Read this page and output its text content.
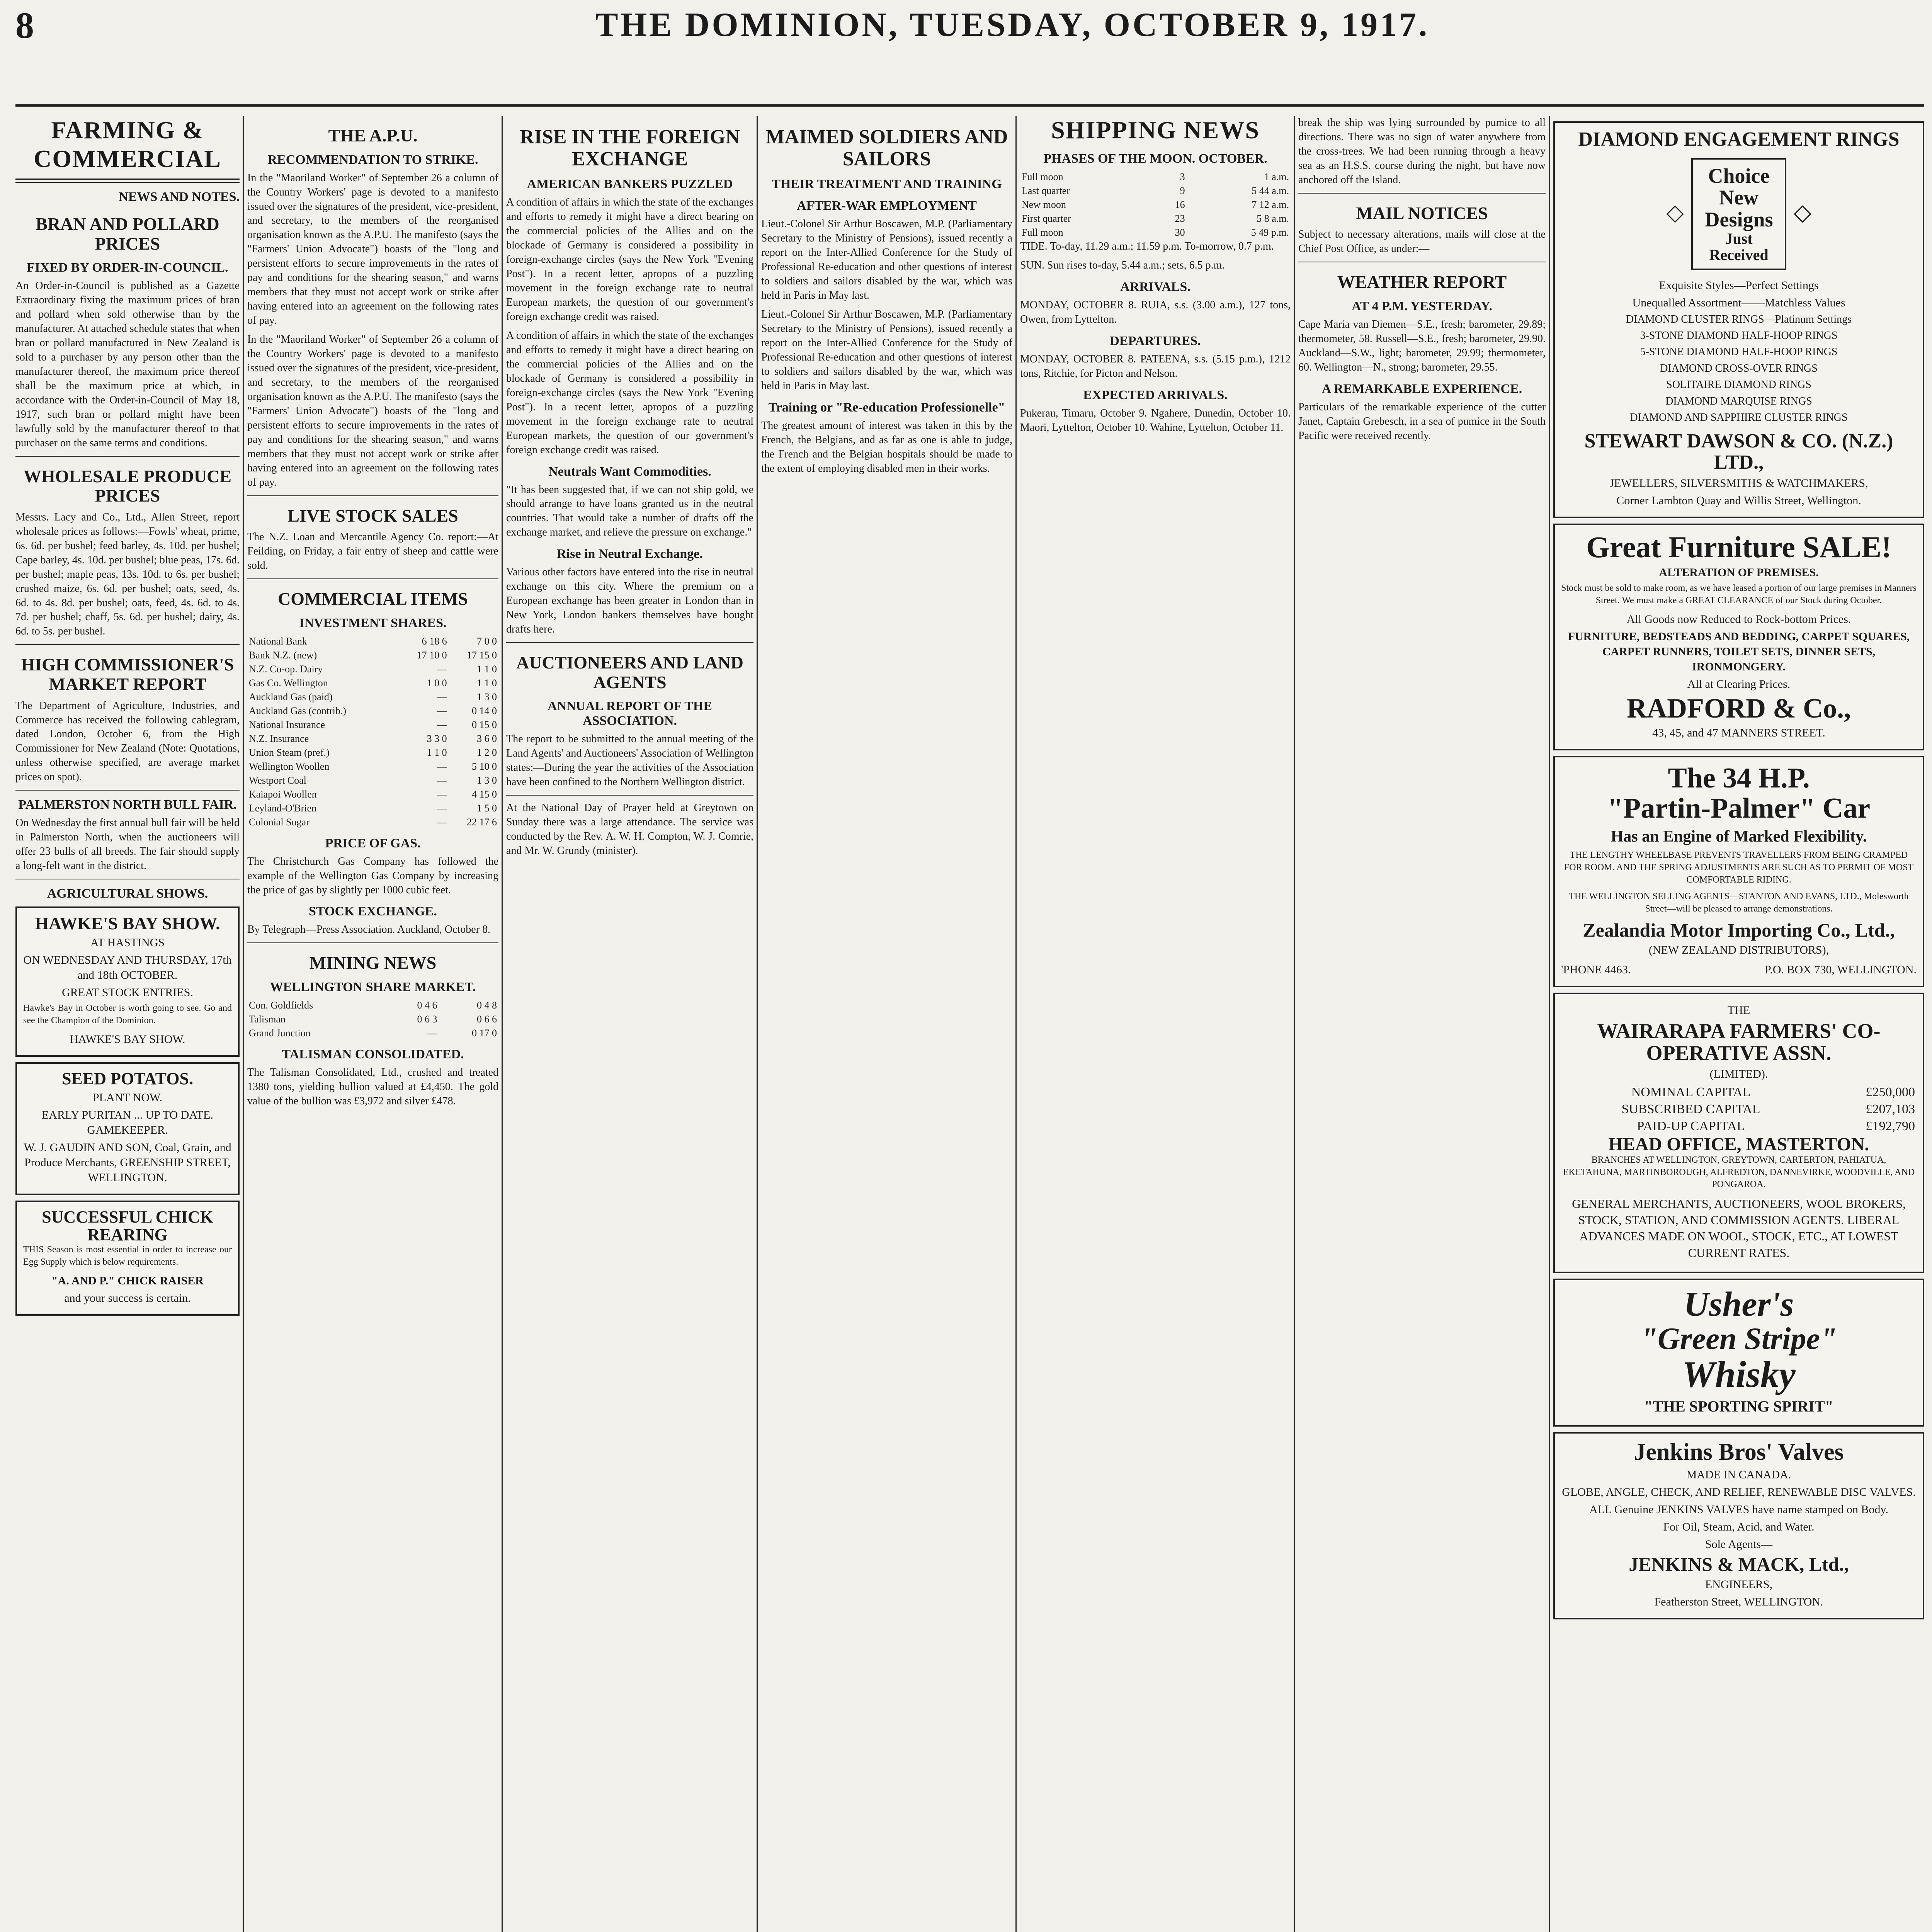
8	THE DOMINION, TUESDAY, OCTOBER 9, 1917.
FARMING & COMMERCIAL
NEWS AND NOTES.
BRAN AND POLLARD PRICES
FIXED BY ORDER-IN-COUNCIL.

An Order-in-Council is published as a Gazette Extraordinary fixing the maximum prices of bran and pollard when sold otherwise than by the manufacturer. At attached schedule states that when bran or pollard manufactured in New Zealand is sold to a purchaser by any person other than the manufacturer thereof, the maximum price thereof shall be the maximum price at which, in accordance with the Order-in-Council of May 18, 1917, such bran or pollard might have been lawfully sold by the manufacturer thereof to that purchaser on the same terms and conditions.

WHOLESALE PRODUCE PRICES

Messrs. Lacy and Co., Ltd., Allen Street, report wholesale prices as follows:—Fowls' wheat, prime, 6s. 6d. per bushel; feed barley, 4s. 10d. per bushel; Cape barley, 4s. 10d. per bushel; blue peas, 17s. 6d. per bushel; maple peas, 13s. 10d. to 6s. per bushel; crushed maize, 6s. 6d. per bushel; oats, seed, 4s. 6d. to 4s. 8d. per bushel; oats, feed, 4s. 6d. to 4s. 7d. per bushel; chaff, 5s. 6d. per bushel; dairy, 4s. 6d. to 5s. per bushel.

HIGH COMMISSIONER'S MARKET REPORT

The Department of Agriculture, Industries, and Commerce has received the following cablegram, dated London, October 6, from the High Commissioner for New Zealand (Note: Quotations, unless otherwise specified, are average market prices on spot).

PALMERSTON NORTH BULL FAIR.

On Wednesday the first annual bull fair will be held in Palmerston North, when the auctioneers will offer 23 bulls of all breeds. The fair should supply a long-felt want in the district.

AGRICULTURAL SHOWS.
HAWKE'S BAY SHOW.
AT HASTINGS
ON WEDNESDAY AND THURSDAY, 17th and 18th OCTOBER.
GREAT STOCK ENTRIES.

Hawke's Bay in October is worth going to see. Go and see the Champion of the Dominion.

HAWKE'S BAY SHOW.
SEED POTATOS.
PLANT NOW.
EARLY PURITAN ... UP TO DATE. GAMEKEEPER.
W. J. GAUDIN AND SON, Coal, Grain, and Produce Merchants, GREENSHIP STREET, WELLINGTON.
SUCCESSFUL CHICK REARING

THIS Season is most essential in order to increase our Egg Supply which is below requirements.

"A. AND P." CHICK RAISER
and your success is certain.
THE A.P.U.
RECOMMENDATION TO STRIKE.

In the "Maoriland Worker" of September 26 a column of the Country Workers' page is devoted to a manifesto issued over the signatures of the president, vice-president, and secretary, to the members of the reorganised organisation known as the A.P.U. The manifesto (says the "Farmers' Union Advocate") boasts of the "long and persistent efforts to secure improvements in the rates of pay and conditions for the shearing season," and warns members that they must not accept work or strike after having entered into an agreement on the following rates of pay.

In the "Maoriland Worker" of September 26 a column of the Country Workers' page is devoted to a manifesto issued over the signatures of the president, vice-president, and secretary, to the members of the reorganised organisation known as the A.P.U. The manifesto (says the "Farmers' Union Advocate") boasts of the "long and persistent efforts to secure improvements in the rates of pay and conditions for the shearing season," and warns members that they must not accept work or strike after having entered into an agreement on the following rates of pay.

LIVE STOCK SALES

The N.Z. Loan and Mercantile Agency Co. report:—At Feilding, on Friday, a fair entry of sheep and cattle were sold.

COMMERCIAL ITEMS
INVESTMENT SHARES.
National Bank	6 18 6	7 0 0
Bank N.Z. (new)	17 10 0	17 15 0
N.Z. Co-op. Dairy	—	1 1 0
Gas Co. Wellington	1 0 0	1 1 0
Auckland Gas (paid)	—	1 3 0
Auckland Gas (contrib.)	—	0 14 0
National Insurance	—	0 15 0
N.Z. Insurance	3 3 0	3 6 0
Union Steam (pref.)	1 1 0	1 2 0
Wellington Woollen	—	5 10 0
Westport Coal	—	1 3 0
Kaiapoi Woollen	—	4 15 0
Leyland-O'Brien	—	1 5 0
Colonial Sugar	—	22 17 6
PRICE OF GAS.

The Christchurch Gas Company has followed the example of the Wellington Gas Company by increasing the price of gas by slightly per 1000 cubic feet.

STOCK EXCHANGE.

By Telegraph—Press Association. Auckland, October 8.

MINING NEWS
WELLINGTON SHARE MARKET.
Con. Goldfields	0 4 6	0 4 8
Talisman	0 6 3	0 6 6
Grand Junction	—	0 17 0
TALISMAN CONSOLIDATED.

The Talisman Consolidated, Ltd., crushed and treated 1380 tons, yielding bullion valued at £4,450. The gold value of the bullion was £3,972 and silver £478.

RISE IN THE FOREIGN EXCHANGE
AMERICAN BANKERS PUZZLED

A condition of affairs in which the state of the exchanges and efforts to remedy it might have a direct bearing on the commercial policies of the Allies and on the blockade of Germany is considered a possibility in foreign-exchange circles (says the New York "Evening Post"). In a recent letter, apropos of a puzzling movement in the foreign exchange rate to neutral European markets, the question of our government's foreign exchange credit was raised.

A condition of affairs in which the state of the exchanges and efforts to remedy it might have a direct bearing on the commercial policies of the Allies and on the blockade of Germany is considered a possibility in foreign-exchange circles (says the New York "Evening Post"). In a recent letter, apropos of a puzzling movement in the foreign exchange rate to neutral European markets, the question of our government's foreign exchange credit was raised.

Neutrals Want Commodities.

"It has been suggested that, if we can not ship gold, we should arrange to have loans granted us in the neutral countries. That would take a number of drafts off the exchange market, and relieve the pressure on exchange."

Rise in Neutral Exchange.

Various other factors have entered into the rise in neutral exchange on this city. Where the premium on a European exchange has been greater in London than in New York, London bankers themselves have bought drafts here.

AUCTIONEERS AND LAND AGENTS
ANNUAL REPORT OF THE ASSOCIATION.

The report to be submitted to the annual meeting of the Land Agents' and Auctioneers' Association of Wellington states:—During the year the activities of the Association have been confined to the Northern Wellington district.

At the National Day of Prayer held at Greytown on Sunday there was a large attendance. The service was conducted by the Rev. A. W. H. Compton, W. J. Comrie, and Mr. W. Grundy (minister).

MAIMED SOLDIERS AND SAILORS
THEIR TREATMENT AND TRAINING
AFTER-WAR EMPLOYMENT

Lieut.-Colonel Sir Arthur Boscawen, M.P. (Parliamentary Secretary to the Ministry of Pensions), issued recently a report on the Inter-Allied Conference for the Study of Professional Re-education and other questions of interest to soldiers and sailors disabled by the war, which was held in Paris in May last.

Lieut.-Colonel Sir Arthur Boscawen, M.P. (Parliamentary Secretary to the Ministry of Pensions), issued recently a report on the Inter-Allied Conference for the Study of Professional Re-education and other questions of interest to soldiers and sailors disabled by the war, which was held in Paris in May last.

Training or "Re-education Professionelle"

The greatest amount of interest was taken in this by the French, the Belgians, and as far as one is able to judge, the French and the Belgian hospitals should be made to the extent of employing disabled men in their works.

SHIPPING NEWS
PHASES OF THE MOON. OCTOBER.
Full moon	3	1 a.m.
Last quarter	9	5 44 a.m.
New moon	16	7 12 a.m.
First quarter	23	5 8 a.m.
Full moon	30	5 49 p.m.

TIDE. To-day, 11.29 a.m.; 11.59 p.m. To-morrow, 0.7 p.m.

SUN. Sun rises to-day, 5.44 a.m.; sets, 6.5 p.m.

ARRIVALS.

MONDAY, OCTOBER 8. RUIA, s.s. (3.00 a.m.), 127 tons, Owen, from Lyttelton.

DEPARTURES.

MONDAY, OCTOBER 8. PATEENA, s.s. (5.15 p.m.), 1212 tons, Ritchie, for Picton and Nelson.

EXPECTED ARRIVALS.

Pukerau, Timaru, October 9. Ngahere, Dunedin, October 10. Maori, Lyttelton, October 10. Wahine, Lyttelton, October 11.

break the ship was lying surrounded by pumice to all directions. There was no sign of water anywhere from the cross-trees. We had been running through a heavy sea as an H.S.S. course during the night, but have now anchored off the Island.

MAIL NOTICES

Subject to necessary alterations, mails will close at the Chief Post Office, as under:—

WEATHER REPORT
AT 4 P.M. YESTERDAY.

Cape Maria van Diemen—S.E., fresh; barometer, 29.89; thermometer, 58. Russell—S.E., fresh; barometer, 29.90. Auckland—S.W., light; barometer, 29.99; thermometer, 60. Wellington—N., strong; barometer, 29.55.

A REMARKABLE EXPERIENCE.

Particulars of the remarkable experience of the cutter Janet, Captain Grebesch, in a sea of pumice in the South Pacific were received recently.

DIAMOND ENGAGEMENT RINGS
Choice
New
Designs
Just
Received
Exquisite Styles—Perfect Settings
Unequalled Assortment——Matchless Values
DIAMOND CLUSTER RINGS—Platinum Settings
3-STONE DIAMOND HALF-HOOP RINGS
5-STONE DIAMOND HALF-HOOP RINGS
DIAMOND CROSS-OVER RINGS
SOLITAIRE DIAMOND RINGS
DIAMOND MARQUISE RINGS
DIAMOND AND SAPPHIRE CLUSTER RINGS
STEWART DAWSON & CO. (N.Z.) LTD.,
JEWELLERS, SILVERSMITHS & WATCHMAKERS,
Corner Lambton Quay and Willis Street, Wellington.
Great Furniture SALE!
ALTERATION OF PREMISES.

Stock must be sold to make room, as we have leased a portion of our large premises in Manners Street. We must make a GREAT CLEARANCE of our Stock during October.

All Goods now Reduced to Rock-bottom Prices.
FURNITURE, BEDSTEADS AND BEDDING, CARPET SQUARES, CARPET RUNNERS, TOILET SETS, DINNER SETS, IRONMONGERY.
All at Clearing Prices.
RADFORD & Co.,
43, 45, and 47 MANNERS STREET.
The 34 H.P.
"Partin-Palmer" Car
Has an Engine of Marked Flexibility.

THE LENGTHY WHEELBASE PREVENTS TRAVELLERS FROM BEING CRAMPED FOR ROOM. AND THE SPRING ADJUSTMENTS ARE SUCH AS TO PERMIT OF MOST COMFORTABLE RIDING.

THE WELLINGTON SELLING AGENTS—STANTON AND EVANS, LTD., Molesworth Street—will be pleased to arrange demonstrations.

Zealandia Motor Importing Co., Ltd.,
(NEW ZEALAND DISTRIBUTORS),
'PHONE 4463.	P.O. BOX 730, WELLINGTON.
THE
WAIRARAPA FARMERS' CO-OPERATIVE ASSN.
(LIMITED).
NOMINAL CAPITAL	£250,000
SUBSCRIBED CAPITAL	£207,103
PAID-UP CAPITAL	£192,790
HEAD OFFICE, MASTERTON.

BRANCHES AT WELLINGTON, GREYTOWN, CARTERTON, PAHIATUA, EKETAHUNA, MARTINBOROUGH, ALFREDTON, DANNEVIRKE, WOODVILLE, AND PONGAROA.

GENERAL MERCHANTS, AUCTIONEERS, WOOL BROKERS, STOCK, STATION, AND COMMISSION AGENTS. LIBERAL ADVANCES MADE ON WOOL, STOCK, ETC., AT LOWEST CURRENT RATES.

Usher's
"Green Stripe"
Whisky
"THE SPORTING SPIRIT"
Jenkins Bros' Valves
MADE IN CANADA.
GLOBE, ANGLE, CHECK, AND RELIEF, RENEWABLE DISC VALVES.
ALL Genuine JENKINS VALVES have name stamped on Body.
For Oil, Steam, Acid, and Water.
Sole Agents—
JENKINS & MACK, Ltd.,
ENGINEERS,
Featherston Street, WELLINGTON.
